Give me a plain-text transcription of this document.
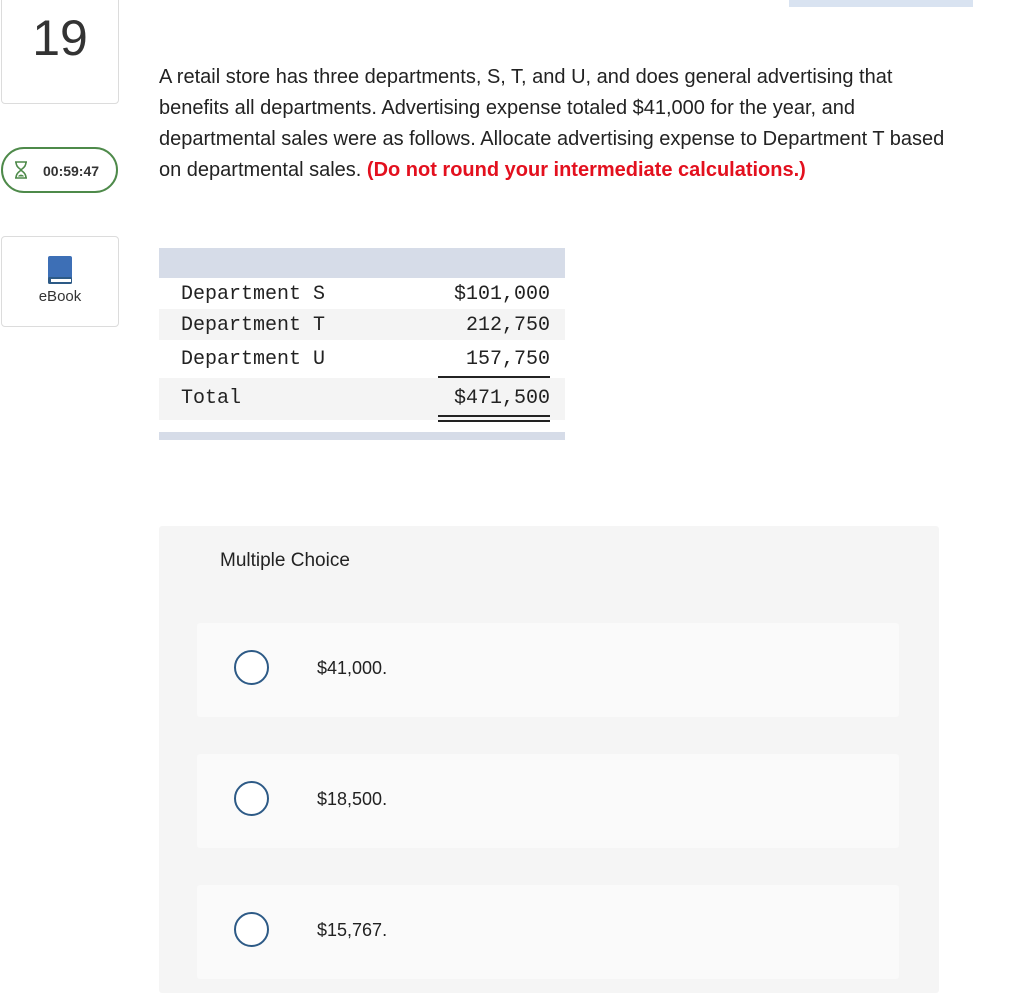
19
00:59:47
eBook
A retail store has three departments, S, T, and U, and does general advertising that benefits all departments. Advertising expense totaled $41,000 for the year, and departmental sales were as follows. Allocate advertising expense to Department T based on departmental sales. (Do not round your intermediate calculations.)
Department S	$101,000
Department T	212,750
Department U	157,750
Total	$471,500
Multiple Choice
$41,000.
$18,500.
$15,767.
